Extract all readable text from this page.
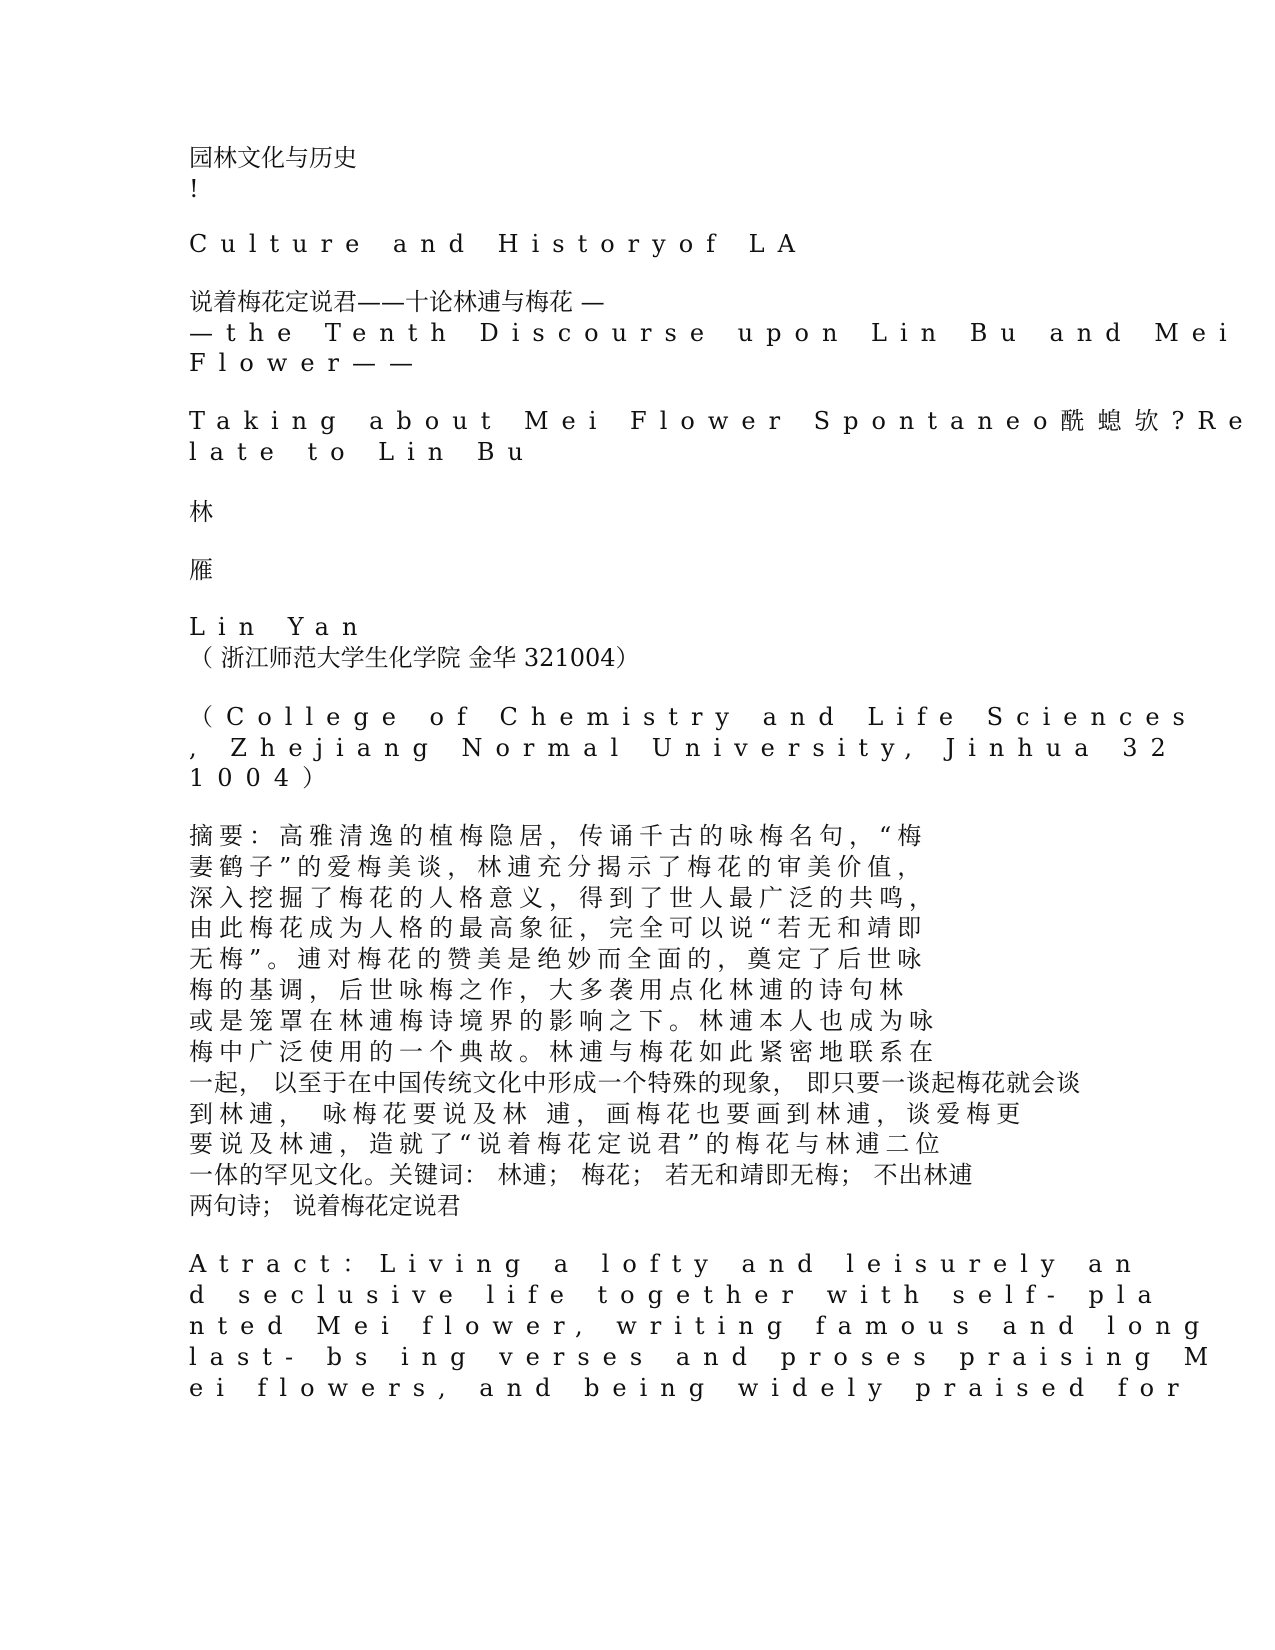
园林文化与历史
!
Culture and Historyof LA
说着梅花定说君——十论林逋与梅花 —
—the Tenth Discourse upon Lin Bu and Mei
Flower——
Taking about Mei Flower Spontaneo酰螅欤?Re
late to Lin Bu
林
雁
Lin Yan
（ 浙江师范大学生化学院 金华 321004）
（College of Chemistry and Life Sciences
, Zhejiang Normal University, Jinhua 32
1004）
摘要：高雅清逸的植梅隐居，传诵千古的咏梅名句，“梅
妻鹤子”的爱梅美谈，林逋充分揭示了梅花的审美价值，
深入挖掘了梅花的人格意义，得到了世人最广泛的共鸣，
由此梅花成为人格的最高象征，完全可以说“若无和靖即
无梅”。逋对梅花的赞美是绝妙而全面的，奠定了后世咏
梅的基调，后世咏梅之作，大多袭用点化林逋的诗句林
或是笼罩在林逋梅诗境界的影响之下。林逋本人也成为咏
梅中广泛使用的一个典故。林逋与梅花如此紧密地联系在
一起， 以至于在中国传统文化中形成一个特殊的现象， 即只要一谈起梅花就会谈
到林逋， 咏梅花要说及林 逋，画梅花也要画到林逋，谈爱梅更
要说及林逋，造就了“说着梅花定说君”的梅花与林逋二位
一体的罕见文化。关键词： 林逋； 梅花； 若无和靖即无梅； 不出林逋
两句诗； 说着梅花定说君
Atract：Living a lofty and leisurely an
d seclusive life together with self- pla
nted Mei flower, writing famous and long
last- bs ing verses and proses praising M
ei flowers, and being widely praised for
